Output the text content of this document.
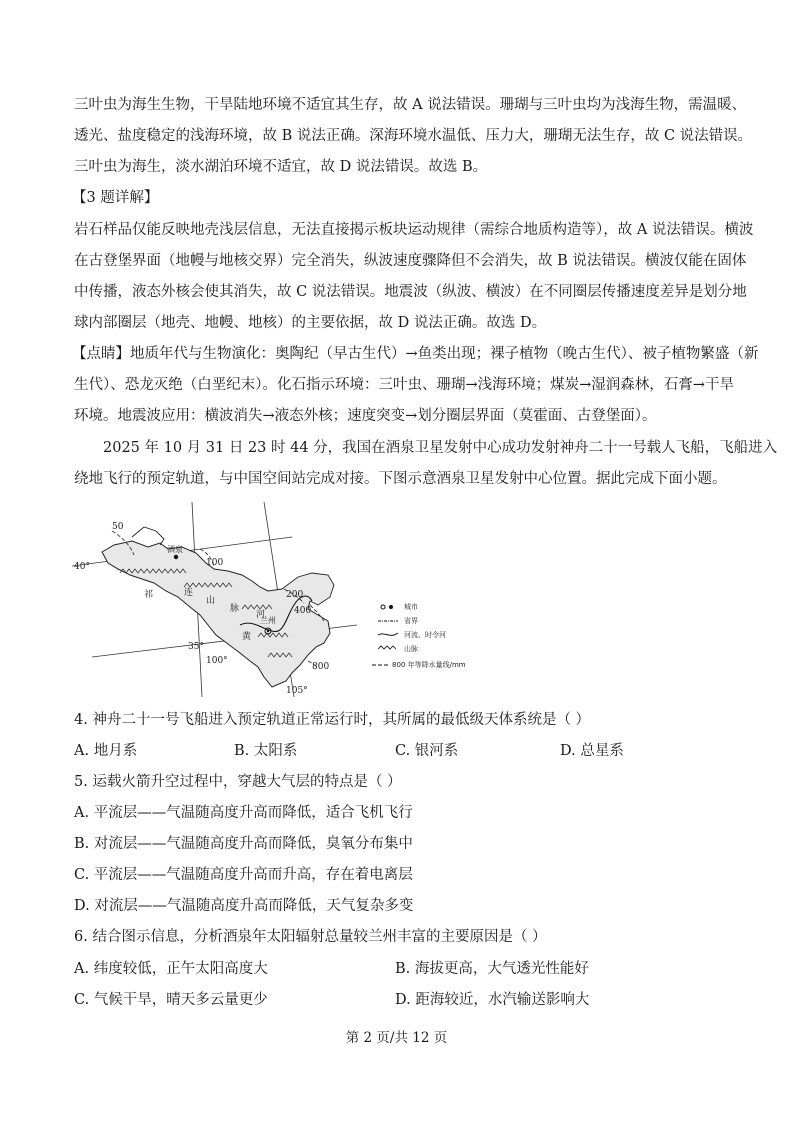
三叶虫为海生生物，干旱陆地环境不适宜其生存，故 A 说法错误。珊瑚与三叶虫均为浅海生物，需温暖、
透光、盐度稳定的浅海环境，故 B 说法正确。深海环境水温低、压力大，珊瑚无法生存，故 C 说法错误。
三叶虫为海生，淡水湖泊环境不适宜，故 D 说法错误。故选 B。
【3 题详解】
岩石样品仅能反映地壳浅层信息，无法直接揭示板块运动规律（需综合地质构造等），故 A 说法错误。横波
在古登堡界面（地幔与地核交界）完全消失，纵波速度骤降但不会消失，故 B 说法错误。横波仅能在固体
中传播，液态外核会使其消失，故 C 说法错误。地震波（纵波、横波）在不同圈层传播速度差异是划分地
球内部圈层（地壳、地幔、地核）的主要依据，故 D 说法正确。故选 D。
【点睛】地质年代与生物演化：奥陶纪（早古生代）→鱼类出现；裸子植物（晚古生代）、被子植物繁盛（新
生代）、恐龙灭绝（白垩纪末）。化石指示环境：三叶虫、珊瑚→浅海环境；煤炭→湿润森林，石膏→干旱
环境。地震波应用：横波消失→液态外核；速度突变→划分圈层界面（莫霍面、古登堡面）。
2025 年 10 月 31 日 23 时 44 分，我国在酒泉卫星发射中心成功发射神舟二十一号载人飞船，飞船进入
绕地飞行的预定轨道，与中国空间站完成对接。下图示意酒泉卫星发射中心位置。据此完成下面小题。
50
100
200
400
800
40°
35°
100°
105°
酒泉
祁	连
山
脉
黄
河
兰州
城市
省界
河流、时令河
山脉
800 年等降水量线/mm
4. 神舟二十一号飞船进入预定轨道正常运行时，其所属的最低级天体系统是（ ）
A. 地月系	B. 太阳系	C. 银河系	D. 总星系
5. 运载火箭升空过程中，穿越大气层的特点是（ ）
A. 平流层——气温随高度升高而降低，适合飞机飞行
B. 对流层——气温随高度升高而降低，臭氧分布集中
C. 平流层——气温随高度升高而升高，存在着电离层
D. 对流层——气温随高度升高而降低，天气复杂多变
6. 结合图示信息，分析酒泉年太阳辐射总量较兰州丰富的主要原因是（ ）
A. 纬度较低，正午太阳高度大	B. 海拔更高，大气透光性能好
C. 气候干旱，晴天多云量更少	D. 距海较近，水汽输送影响大
第 2 页/共 12 页
